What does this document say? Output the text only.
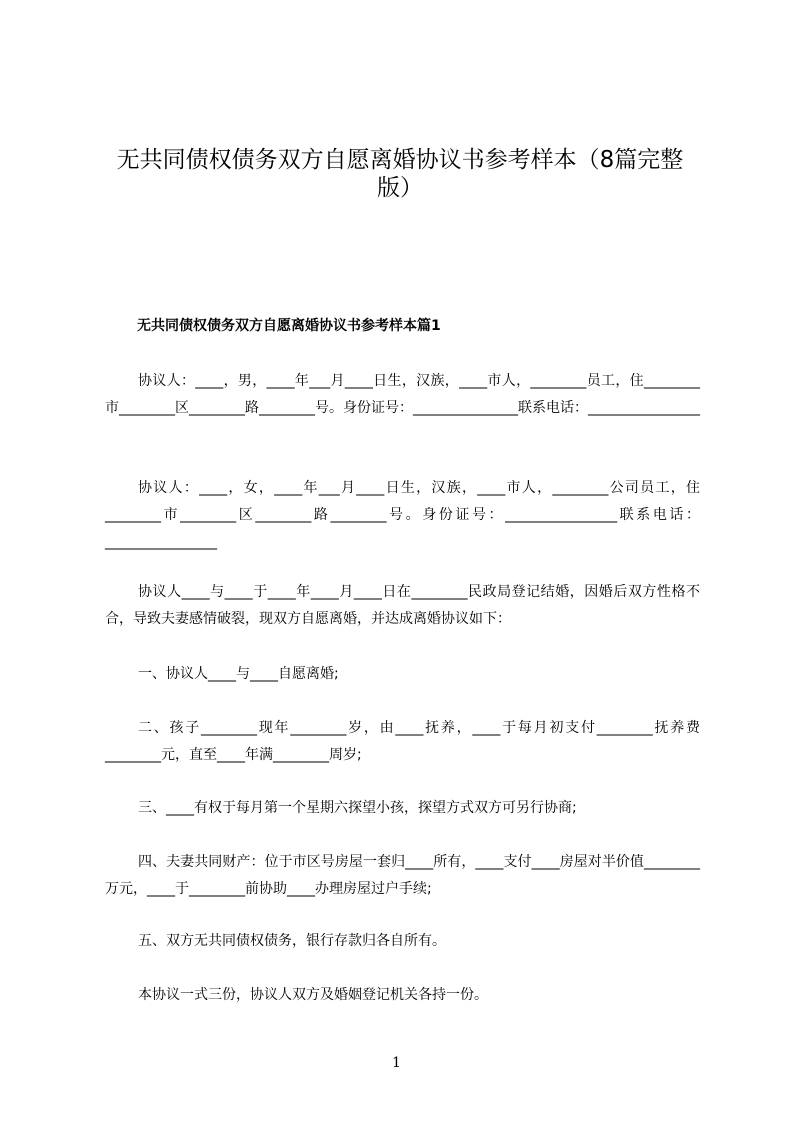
无共同债权债务双方自愿离婚协议书参考样本（8篇完整版）
无共同债权债务双方自愿离婚协议书参考样本篇1

协议人：____，男，____年___月____日生，汉族，____市人，________员工，住________市________区________路________号。身份证号：_______________联系电话：________________

协议人：____，女，____年___月____日生，汉族，____市人，________公司员工，住________市________区________路________号。身份证号：________________联系电话：________________

协议人____与____于____年____月____日在________民政局登记结婚，因婚后双方性格不合，导致夫妻感情破裂，现双方自愿离婚，并达成离婚协议如下：

一、协议人____与____自愿离婚;

二、孩子________现年________岁，由____抚养，____于每月初支付________抚养费________元，直至____年满________周岁;

三、____有权于每月第一个星期六探望小孩，探望方式双方可另行协商;

四、夫妻共同财产：位于市区号房屋一套归____所有，____支付____房屋对半价值________万元，____于________前协助____办理房屋过户手续;

五、双方无共同债权债务，银行存款归各自所有。

本协议一式三份，协议人双方及婚姻登记机关各持一份。

1
